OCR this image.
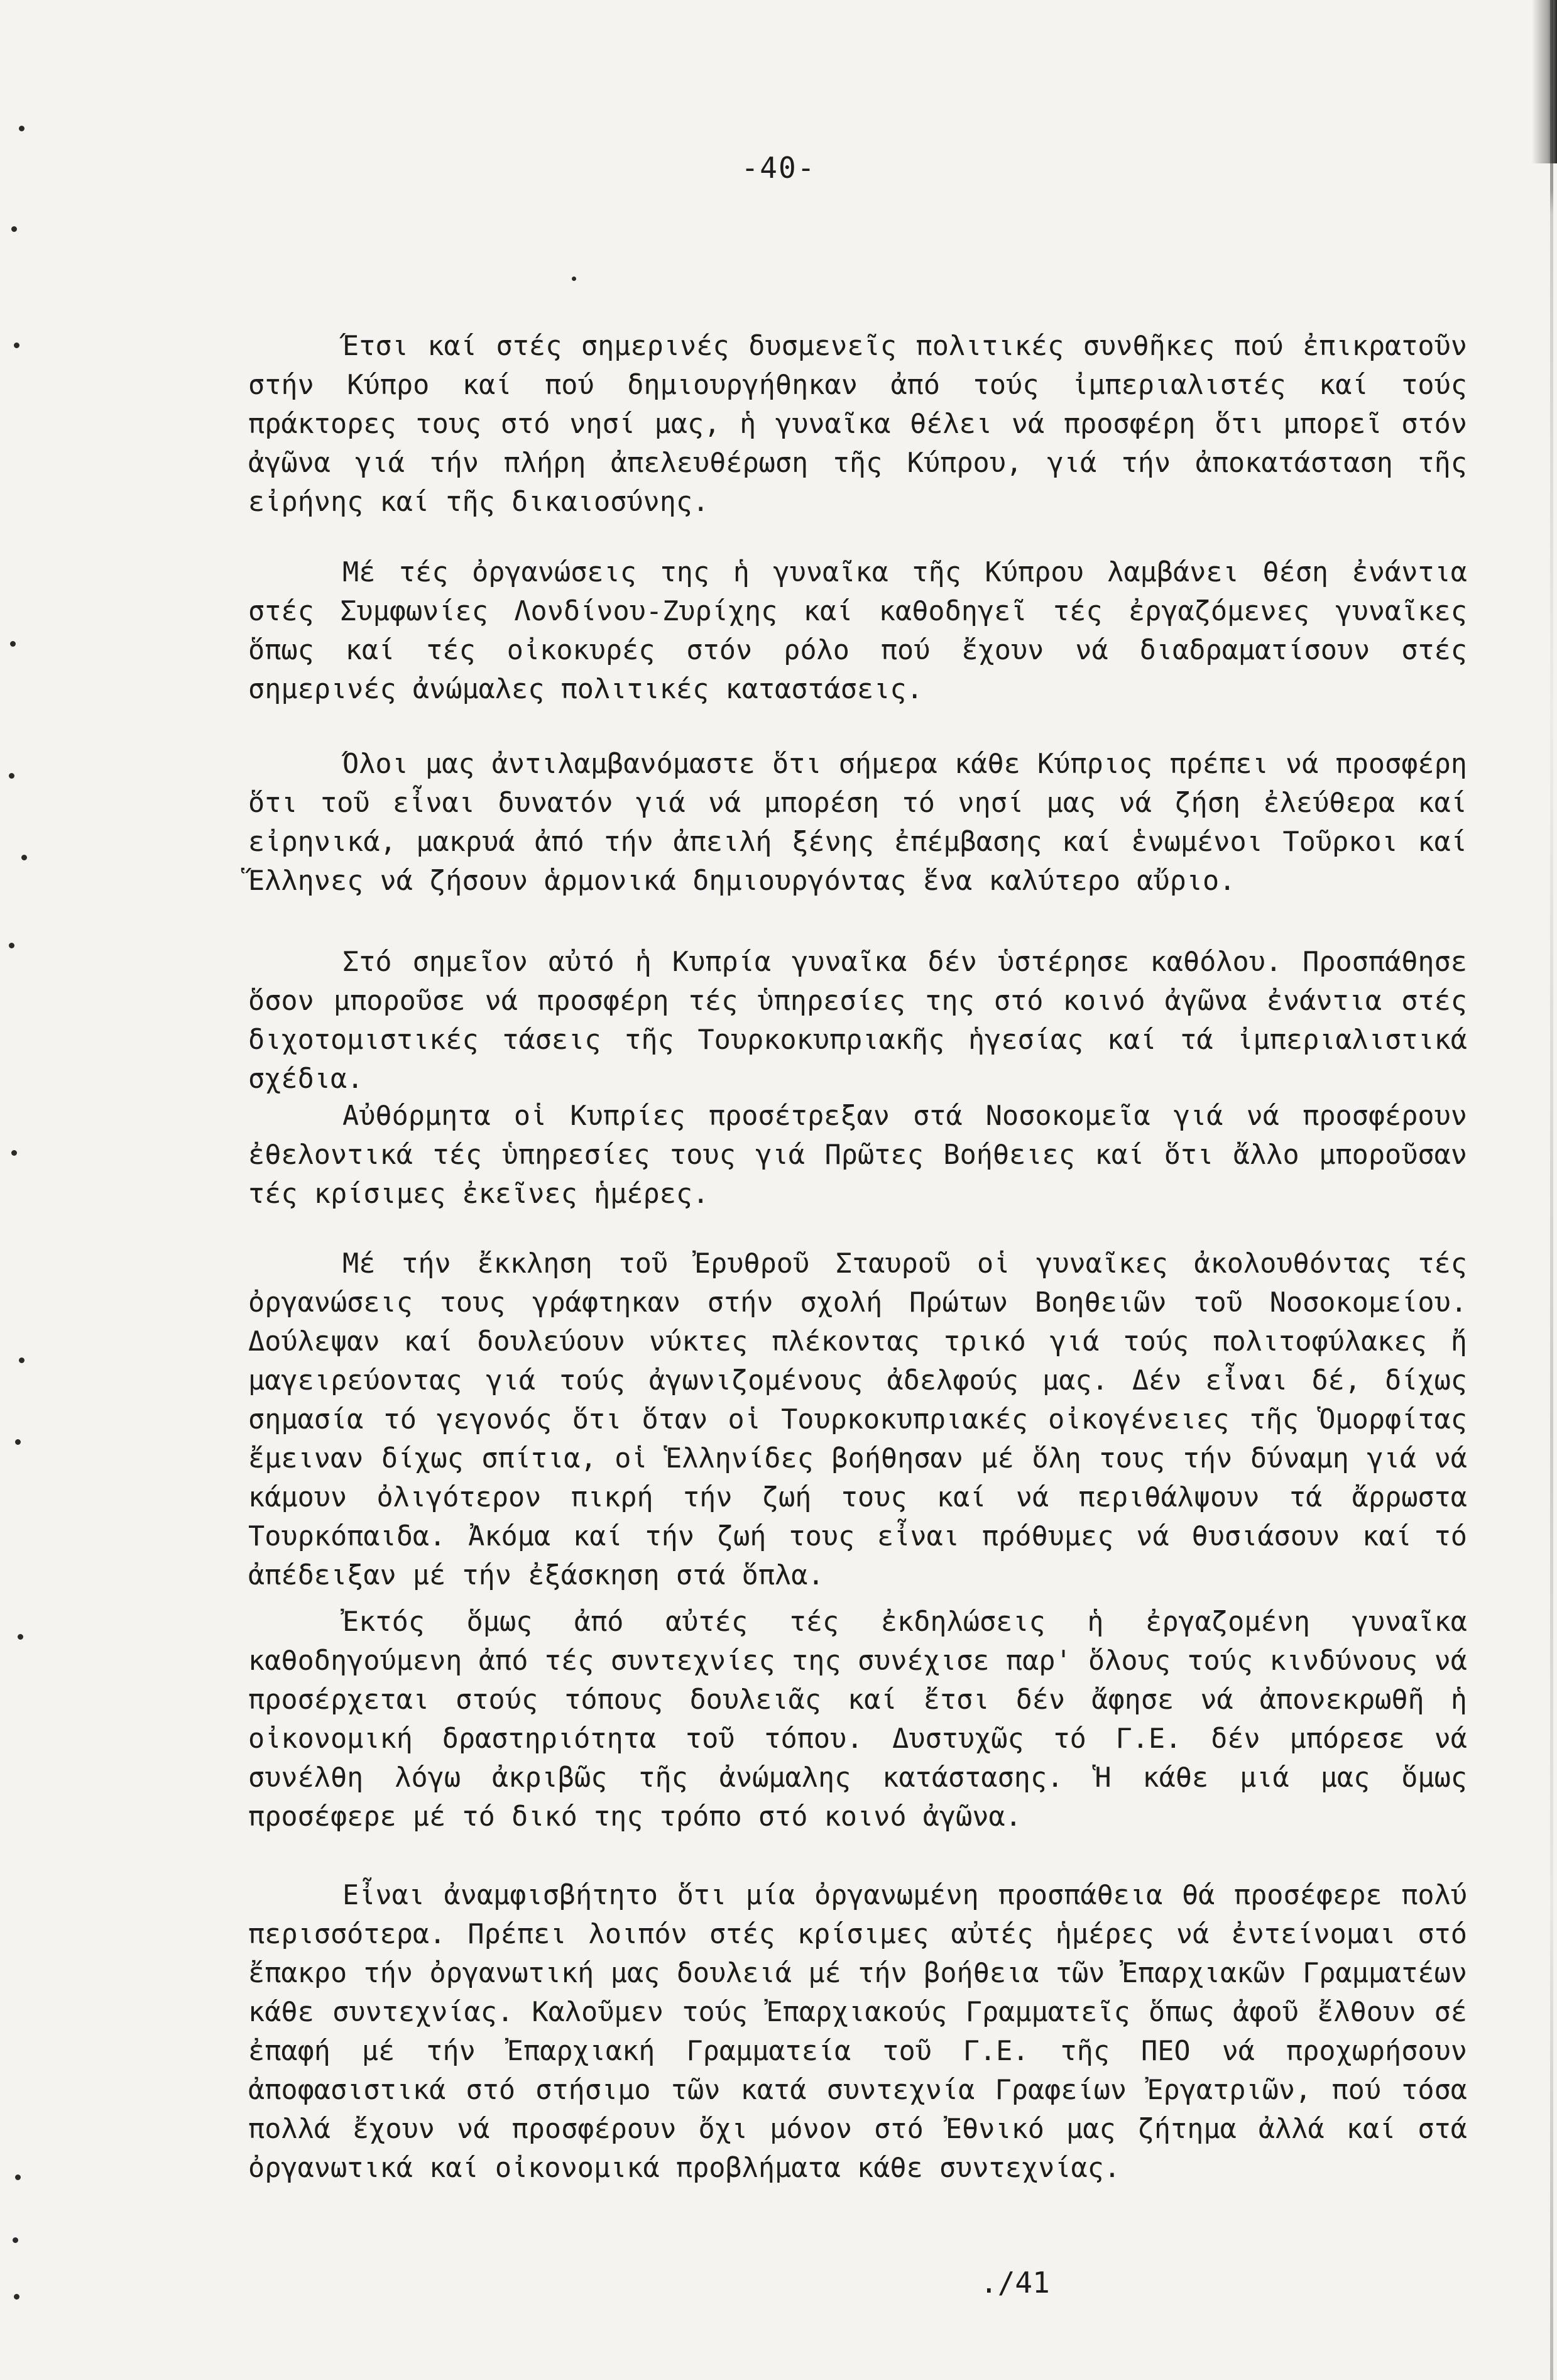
-40-

Έτσι καί στές σημερινές δυσμενεῖς πολιτικές συνθῆκες πού ἐπικρατοῦν στήν Κύπρο καί πού δημιουργήθηκαν ἀπό τούς ἰμπεριαλιστές καί τούς πράκτορες τους στό νησί μας, ἡ γυναῖκα θέλει νά προσφέρη ὅτι μπορεῖ στόν ἀγῶνα γιά τήν πλήρη ἀπελευθέρωση τῆς Κύπρου, γιά τήν ἀποκατάσταση τῆς εἰρήνης καί τῆς δικαιοσύνης.

Μέ τές ὀργανώσεις της ἡ γυναῖκα τῆς Κύπρου λαμβάνει θέση ἐνάντια στές Συμφωνίες Λονδίνου-Ζυρίχης καί καθοδηγεῖ τές ἐργαζόμενες γυναῖκες ὅπως καί τές οἰκοκυρές στόν ρόλο πού ἔχουν νά διαδραματίσουν στές σημερινές ἀνώμαλες πολιτικές καταστάσεις.

Όλοι μας ἀντιλαμβανόμαστε ὅτι σήμερα κάθε Κύπριος πρέπει νά προσφέρη ὅτι τοῦ εἶναι δυνατόν γιά νά μπορέση τό νησί μας νά ζήση ἐλεύθερα καί εἰρηνικά, μακρυά ἀπό τήν ἀπειλή ξένης ἐπέμβασης καί ἑνωμένοι Τοῦρκοι καί Ἕλληνες νά ζήσουν ἁρμονικά δημιουργόντας ἕνα καλύτερο αὔριο.

Στό σημεῖον αὐτό ἡ Κυπρία γυναῖκα δέν ὑστέρησε καθόλου. Προσπάθησε ὅσον μποροῦσε νά προσφέρη τές ὑπηρεσίες της στό κοινό ἀγῶνα ἐνάντια στές διχοτομιστικές τάσεις τῆς Τουρκοκυπριακῆς ἡγεσίας καί τά ἰμπεριαλιστικά σχέδια.

Αὐθόρμητα οἱ Κυπρίες προσέτρεξαν στά Νοσοκομεῖα γιά νά προσφέρουν ἐθελοντικά τές ὑπηρεσίες τους γιά Πρῶτες Βοήθειες καί ὅτι ἄλλο μποροῦσαν τές κρίσιμες ἐκεῖνες ἡμέρες.

Μέ τήν ἔκκληση τοῦ Ἐρυθροῦ Σταυροῦ οἱ γυναῖκες ἀκολουθόντας τές ὀργανώσεις τους γράφτηκαν στήν σχολή Πρώτων Βοηθειῶν τοῦ Νοσοκομείου. Δούλεψαν καί δουλεύουν νύκτες πλέκοντας τρικό γιά τούς πολιτοφύλακες ἤ μαγειρεύοντας γιά τούς ἀγωνιζομένους ἀδελφούς μας. Δέν εἶναι δέ, δίχως σημασία τό γεγονός ὅτι ὅταν οἱ Τουρκοκυπριακές οἰκογένειες τῆς Ὁμορφίτας ἔμειναν δίχως σπίτια, οἱ Ἑλληνίδες βοήθησαν μέ ὅλη τους τήν δύναμη γιά νά κάμουν ὀλιγότερον πικρή τήν ζωή τους καί νά περιθάλψουν τά ἄρρωστα Τουρκόπαιδα. Ἀκόμα καί τήν ζωή τους εἶναι πρόθυμες νά θυσιάσουν καί τό ἀπέδειξαν μέ τήν ἐξάσκηση στά ὅπλα.

Ἐκτός ὅμως ἀπό αὐτές τές ἐκδηλώσεις ἡ ἐργαζομένη γυναῖκα καθοδηγούμενη ἀπό τές συντεχνίες της συνέχισε παρ' ὅλους τούς κινδύνους νά προσέρχεται στούς τόπους δουλειᾶς καί ἔτσι δέν ἄφησε νά ἀπονεκρωθῆ ἡ οἰκονομική δραστηριότητα τοῦ τόπου. Δυστυχῶς τό Γ.Ε. δέν μπόρεσε νά συνέλθη λόγω ἀκριβῶς τῆς ἀνώμαλης κατάστασης. Ἡ κάθε μιά μας ὅμως προσέφερε μέ τό δικό της τρόπο στό κοινό ἀγῶνα.

Εἶναι ἀναμφισβήτητο ὅτι μία ὀργανωμένη προσπάθεια θά προσέφερε πολύ περισσότερα. Πρέπει λοιπόν στές κρίσιμες αὐτές ἡμέρες νά ἐντείνομαι στό ἔπακρο τήν ὀργανωτική μας δουλειά μέ τήν βοήθεια τῶν Ἐπαρχιακῶν Γραμματέων κάθε συντεχνίας. Καλοῦμεν τούς Ἐπαρχιακούς Γραμματεῖς ὅπως ἀφοῦ ἔλθουν σέ ἐπαφή μέ τήν Ἐπαρχιακή Γραμματεία τοῦ Γ.Ε. τῆς ΠΕΟ νά προχωρήσουν ἀποφασιστικά στό στήσιμο τῶν κατά συντεχνία Γραφείων Ἐργατριῶν, πού τόσα πολλά ἔχουν νά προσφέρουν ὄχι μόνον στό Ἐθνικό μας ζήτημα ἀλλά καί στά ὀργανωτικά καί οἰκονομικά προβλήματα κάθε συντεχνίας.

./41
